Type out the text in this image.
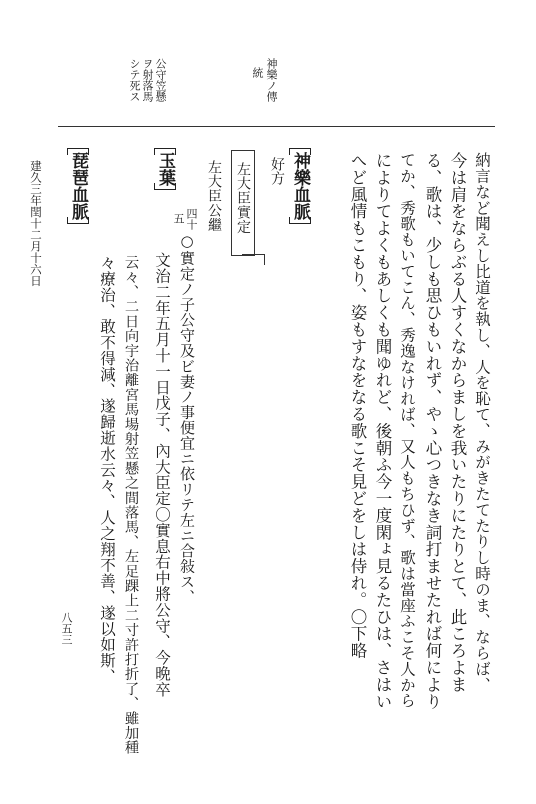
神樂ノ傳
統
公守笠懸
ヲ射落馬
シテ死ス
納言など聞えし比道を執し、人を恥て、みがきたてたりし時のま、ならば、
今は肩をならぶる人すくなからましを我いたりにたりとて、此ころよま
る、歌は、少しも思ひもいれず、やゝ心つきなき詞打ませたれば何により
てか、秀歌もいてこん、秀逸なければ、又人もちひず、歌は當座ふこそ人から
によりてよくもあしくも聞ゆれど、後朝ふ今一度閑ょ見るたひは、さはい
へど風情もこもり、姿もすなをなる歌こそ見どをしは侍れ。〇下略
神樂血脈
好方
左大臣實定
左大臣公繼
玉葉
四十
五
○實定ノ子公守及ビ妻ノ事便宜ニ依リテ左ニ合敍ス、
文治二年五月十一日戊子、內大臣定〇實息右中將公守、今晩卒
云々、二日向宇治離宮馬場射笠懸之間落馬、左足踝上二寸許打折了、雖加種
々療治、敢不得減、遂歸逝水云々、人之翔不善、遂以如斯、
琵琶血脈
建久三年閏十二月十六日
八五三
